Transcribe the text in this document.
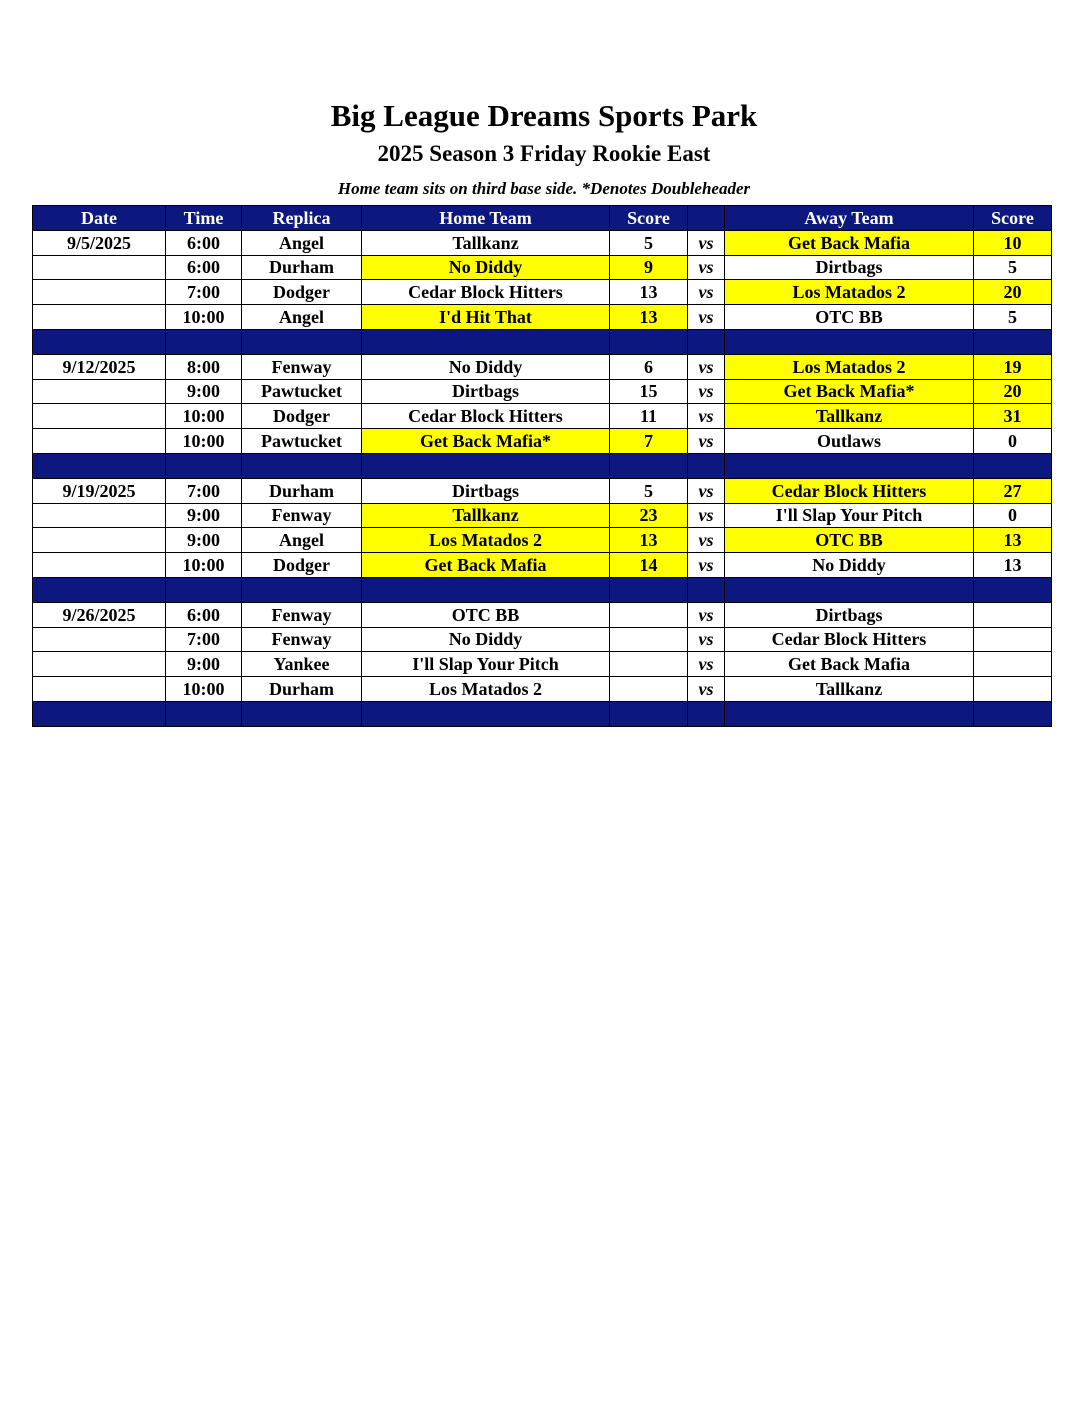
Big League Dreams Sports Park
2025 Season 3 Friday Rookie East
Home team sits on third base side. *Denotes Doubleheader
Date	Time	Replica	Home Team	Score		Away Team	Score
9/5/2025	6:00	Angel	Tallkanz	5	vs	Get Back Mafia	10
	6:00	Durham	No Diddy	9	vs	Dirtbags	5
	7:00	Dodger	Cedar Block Hitters	13	vs	Los Matados 2	20
	10:00	Angel	I'd Hit That	13	vs	OTC BB	5

9/12/2025	8:00	Fenway	No Diddy	6	vs	Los Matados 2	19
	9:00	Pawtucket	Dirtbags	15	vs	Get Back Mafia*	20
	10:00	Dodger	Cedar Block Hitters	11	vs	Tallkanz	31
	10:00	Pawtucket	Get Back Mafia*	7	vs	Outlaws	0

9/19/2025	7:00	Durham	Dirtbags	5	vs	Cedar Block Hitters	27
	9:00	Fenway	Tallkanz	23	vs	I'll Slap Your Pitch	0
	9:00	Angel	Los Matados 2	13	vs	OTC BB	13
	10:00	Dodger	Get Back Mafia	14	vs	No Diddy	13

9/26/2025	6:00	Fenway	OTC BB		vs	Dirtbags	
	7:00	Fenway	No Diddy		vs	Cedar Block Hitters	
	9:00	Yankee	I'll Slap Your Pitch		vs	Get Back Mafia	
	10:00	Durham	Los Matados 2		vs	Tallkanz	
